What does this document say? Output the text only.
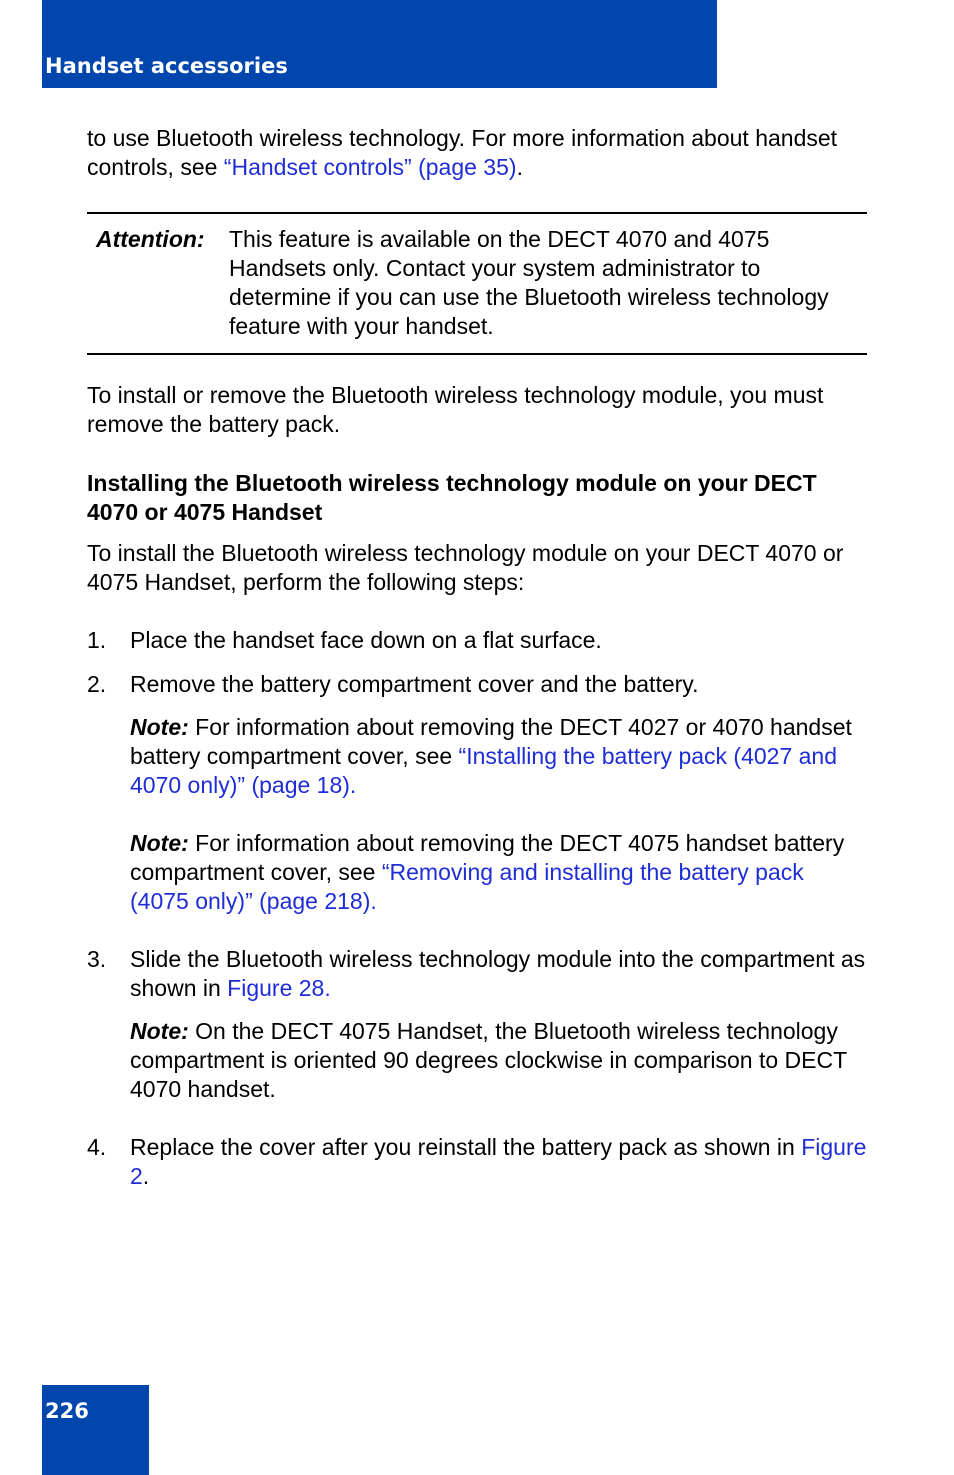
Handset accessories

to use Bluetooth wireless technology. For more information about handset controls, see “Handset controls” (page 35).

Attention:	This feature is available on the DECT 4070 and 4075 Handsets only. Contact your system administrator to determine if you can use the Bluetooth wireless technology feature with your handset.

To install or remove the Bluetooth wireless technology module, you must remove the battery pack.

Installing the Bluetooth wireless technology module on your DECT 4070 or 4075 Handset

To install the Bluetooth wireless technology module on your DECT 4070 or 4075 Handset, perform the following steps:

1.	Place the handset face down on a flat surface.

2.	Remove the battery compartment cover and the battery.

Note: For information about removing the DECT 4027 or 4070 handset battery compartment cover, see “Installing the battery pack (4027 and 4070 only)” (page 18).

Note: For information about removing the DECT 4075 handset battery compartment cover, see “Removing and installing the battery pack (4075 only)” (page 218).

3.	Slide the Bluetooth wireless technology module into the compartment as shown in Figure 28.

Note: On the DECT 4075 Handset, the Bluetooth wireless technology compartment is oriented 90 degrees clockwise in comparison to DECT 4070 handset.

4.	Replace the cover after you reinstall the battery pack as shown in Figure 2.

226
